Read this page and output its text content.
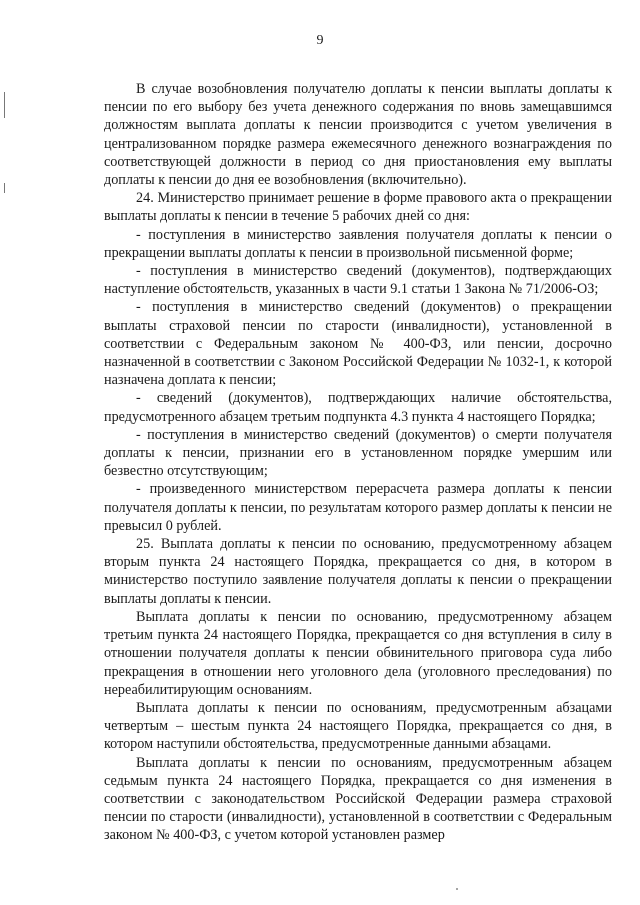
9

В случае возобновления получателю доплаты к пенсии выплаты доплаты к пенсии по его выбору без учета денежного содержания по вновь замещавшимся должностям выплата доплаты к пенсии производится с учетом увеличения в централизованном порядке размера ежемесячного денежного вознаграждения по соответствующей должности в период со дня приостановления ему выплаты доплаты к пенсии до дня ее возобновления (включительно).

24. Министерство принимает решение в форме правового акта о прекращении выплаты доплаты к пенсии в течение 5 рабочих дней со дня:

- поступления в министерство заявления получателя доплаты к пенсии о прекращении выплаты доплаты к пенсии в произвольной письменной форме;

- поступления в министерство сведений (документов), подтверждающих наступление обстоятельств, указанных в части 9.1 статьи 1 Закона № 71/2006-ОЗ;

- поступления в министерство сведений (документов) о прекращении выплаты страховой пенсии по старости (инвалидности), установленной в соответствии с Федеральным законом № 400-ФЗ, или пенсии, досрочно назначенной в соответствии с Законом Российской Федерации № 1032-1, к которой назначена доплата к пенсии;

- сведений (документов), подтверждающих наличие обстоятельства, предусмотренного абзацем третьим подпункта 4.3 пункта 4 настоящего Порядка;

- поступления в министерство сведений (документов) о смерти получателя доплаты к пенсии, признании его в установленном порядке умершим или безвестно отсутствующим;

- произведенного министерством перерасчета размера доплаты к пенсии получателя доплаты к пенсии, по результатам которого размер доплаты к пенсии не превысил 0 рублей.

25. Выплата доплаты к пенсии по основанию, предусмотренному абзацем вторым пункта 24 настоящего Порядка, прекращается со дня, в котором в министерство поступило заявление получателя доплаты к пенсии о прекращении выплаты доплаты к пенсии.

Выплата доплаты к пенсии по основанию, предусмотренному абзацем третьим пункта 24 настоящего Порядка, прекращается со дня вступления в силу в отношении получателя доплаты к пенсии обвинительного приговора суда либо прекращения в отношении него уголовного дела (уголовного преследования) по нереабилитирующим основаниям.

Выплата доплаты к пенсии по основаниям, предусмотренным абзацами четвертым – шестым пункта 24 настоящего Порядка, прекращается со дня, в котором наступили обстоятельства, предусмотренные данными абзацами.

Выплата доплаты к пенсии по основаниям, предусмотренным абзацем седьмым пункта 24 настоящего Порядка, прекращается со дня изменения в соответствии с законодательством Российской Федерации размера страховой пенсии по старости (инвалидности), установленной в соответствии с Федеральным законом № 400-ФЗ, с учетом которой установлен размер
